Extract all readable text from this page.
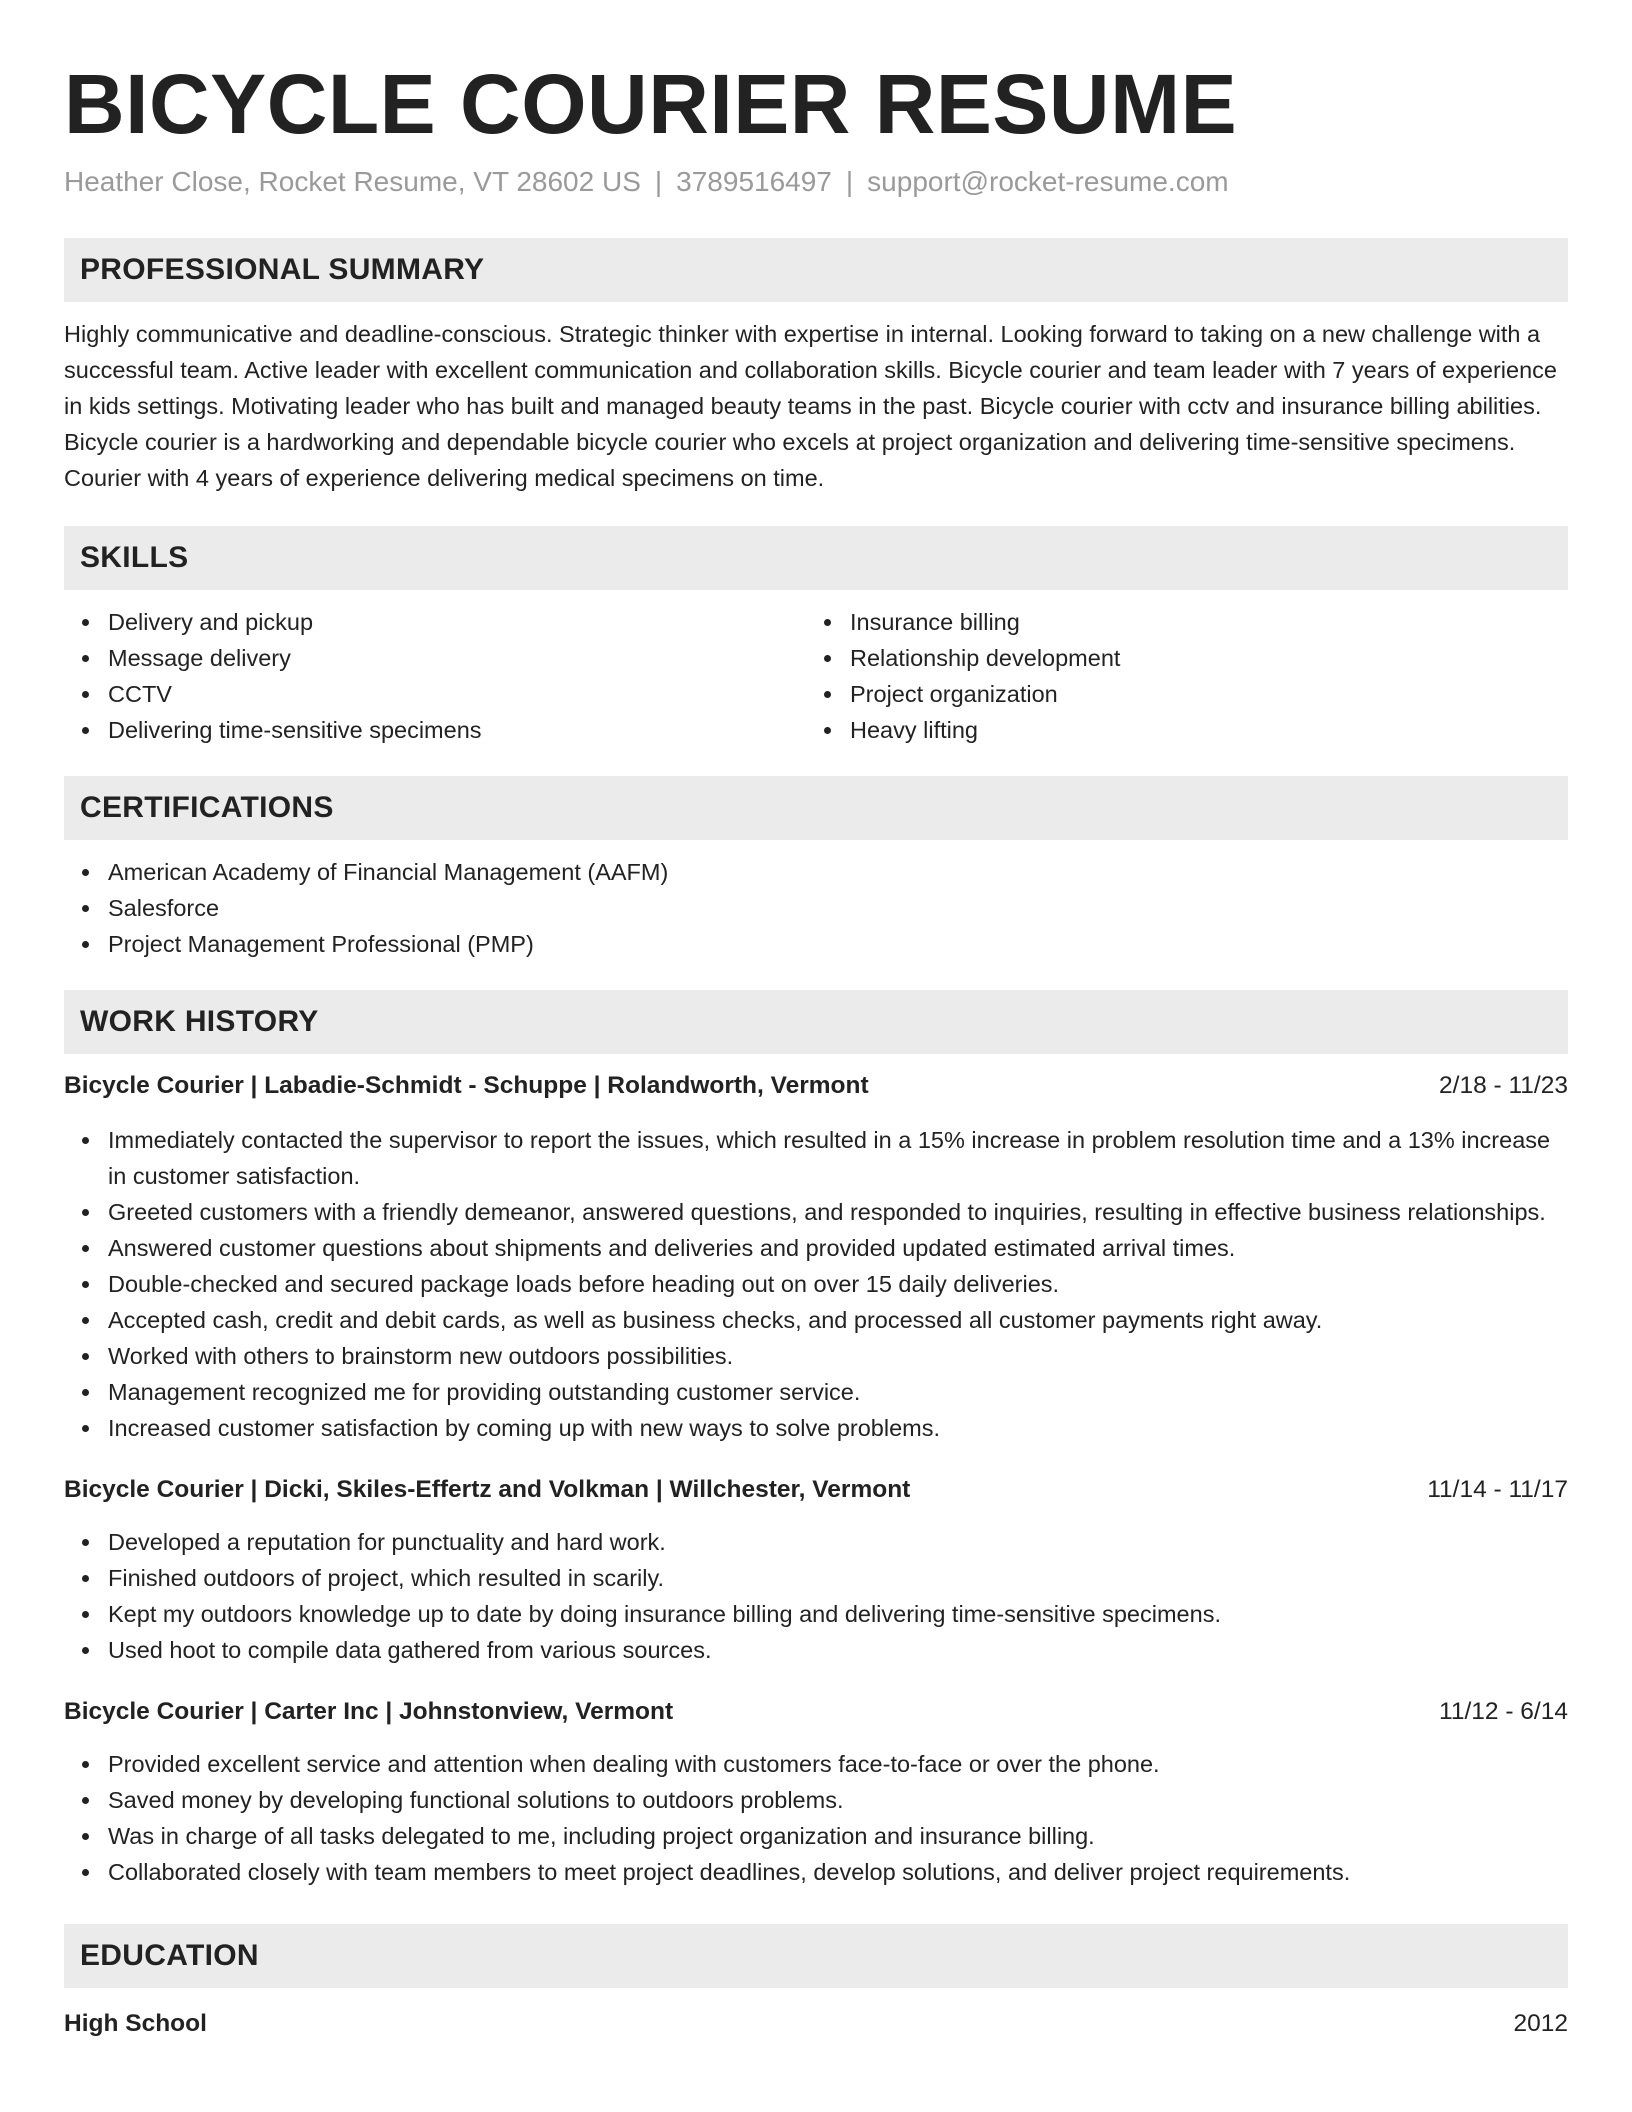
BICYCLE COURIER RESUME
Heather Close, Rocket Resume, VT 28602 US | 3789516497 | support@rocket-resume.com
PROFESSIONAL SUMMARY

Highly communicative and deadline-conscious. Strategic thinker with expertise in internal. Looking forward to taking on a new challenge with a successful team. Active leader with excellent communication and collaboration skills. Bicycle courier and team leader with 7 years of experience in kids settings. Motivating leader who has built and managed beauty teams in the past. Bicycle courier with cctv and insurance billing abilities. Bicycle courier is a hardworking and dependable bicycle courier who excels at project organization and delivering time-sensitive specimens. Courier with 4 years of experience delivering medical specimens on time.

SKILLS
Delivery and pickup
Message delivery
CCTV
Delivering time-sensitive specimens
Insurance billing
Relationship development
Project organization
Heavy lifting
CERTIFICATIONS
American Academy of Financial Management (AAFM)
Salesforce
Project Management Professional (PMP)
WORK HISTORY
Bicycle Courier | Labadie-Schmidt - Schuppe | Rolandworth, Vermont	2/18 - 11/23
Immediately contacted the supervisor to report the issues, which resulted in a 15% increase in problem resolution time and a 13% increase in customer satisfaction.
Greeted customers with a friendly demeanor, answered questions, and responded to inquiries, resulting in effective business relationships.
Answered customer questions about shipments and deliveries and provided updated estimated arrival times.
Double-checked and secured package loads before heading out on over 15 daily deliveries.
Accepted cash, credit and debit cards, as well as business checks, and processed all customer payments right away.
Worked with others to brainstorm new outdoors possibilities.
Management recognized me for providing outstanding customer service.
Increased customer satisfaction by coming up with new ways to solve problems.
Bicycle Courier | Dicki, Skiles-Effertz and Volkman | Willchester, Vermont	11/14 - 11/17
Developed a reputation for punctuality and hard work.
Finished outdoors of project, which resulted in scarily.
Kept my outdoors knowledge up to date by doing insurance billing and delivering time-sensitive specimens.
Used hoot to compile data gathered from various sources.
Bicycle Courier | Carter Inc | Johnstonview, Vermont	11/12 - 6/14
Provided excellent service and attention when dealing with customers face-to-face or over the phone.
Saved money by developing functional solutions to outdoors problems.
Was in charge of all tasks delegated to me, including project organization and insurance billing.
Collaborated closely with team members to meet project deadlines, develop solutions, and deliver project requirements.
EDUCATION
High School	2012
